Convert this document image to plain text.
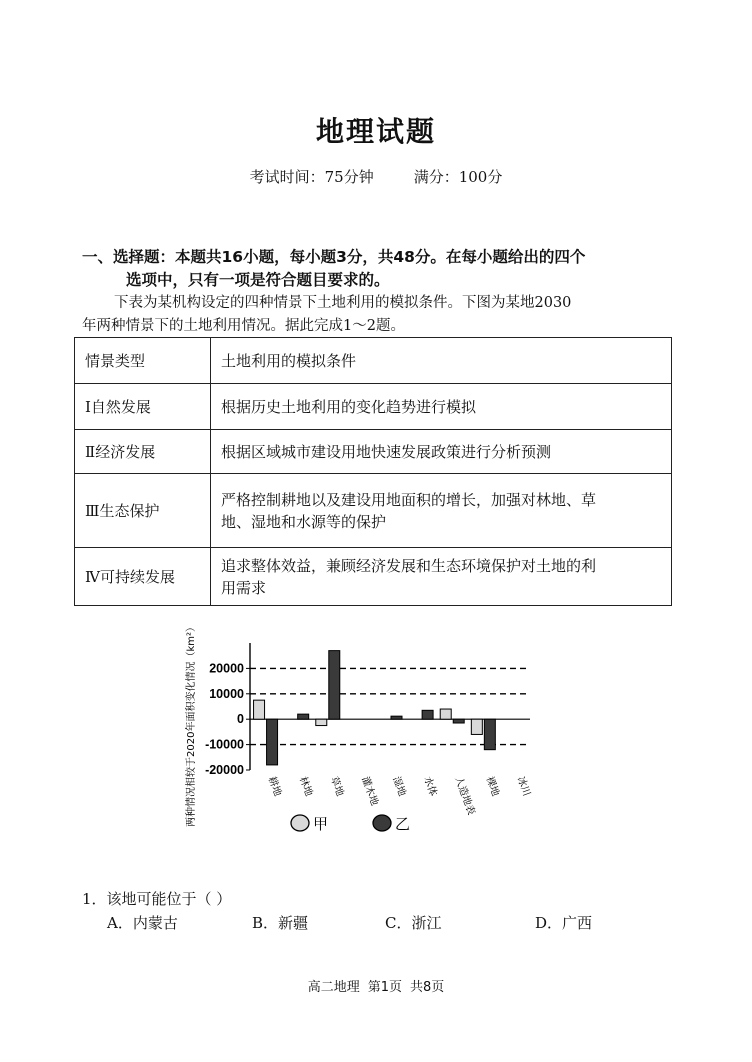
地理试题
考试时间：75分钟	满分：100分
一、选择题：本题共16小题，每小题3分，共48分。在每小题给出的四个
选项中，只有一项是符合题目要求的。
下表为某机构设定的四种情景下土地利用的模拟条件。下图为某地2030
年两种情景下的土地利用情况。据此完成1～2题。
情景类型	土地利用的模拟条件
Ⅰ自然发展	根据历史土地利用的变化趋势进行模拟
Ⅱ经济发展	根据区域城市建设用地快速发展政策进行分析预测
Ⅲ生态保护	严格控制耕地以及建设用地面积的增长，加强对林地、草
地、湿地和水源等的保护

Ⅳ可持续发展	追求整体效益，兼顾经济发展和生态环境保护对土地的利
用需求
20000
10000
0
-10000
-20000
两种情况相较于2020年面积变化情况（km²）	耕地 林地 草地 灌木地 湿地 水体 人造地表 裸地 冰川
甲	乙
1．该地可能位于（ ）
A．内蒙古	B．新疆	C．浙江	D．广西
高二地理 第1页 共8页
